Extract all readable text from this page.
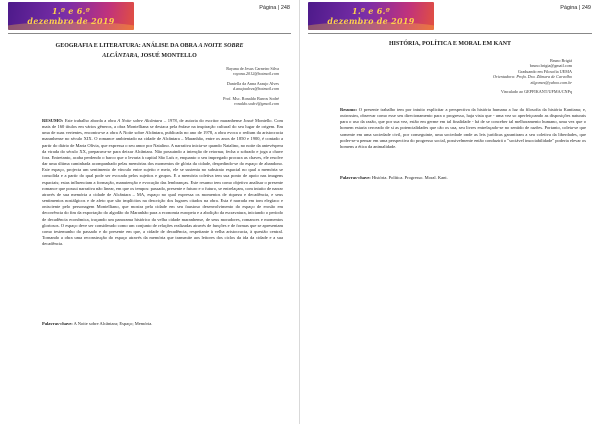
1.º e 6.º
dezembro de 2019
Página | 248
GEOGRAFIA E LITERATURA: ANÁLISE DA OBRA A NOITE SOBRE
ALCÂNTARA, JOSUÉ MONTELLO
Rayana de Jesus Carneiro Silva
rayana.2012@hotmail.com
Daniella da Anna Araujo Alves
d.anajaalves@hotmail.com
Prof. Msc. Ronaldo Barros Sodré
ronaldo.sodré@gmail.com
RESUMO: Este trabalho aborda a obra A Noite sobre Alcântara – 1978, de autoria do escritor maranhense Josué Montello. Com mais de 160 títulos em vários gêneros, a obra Montelliana se destaca pela ênfase na inspiração cultural do seu lugar de origem. Em uma de suas vertentes, encontra-se a obra A Noite sobre Alcântara, publicada no ano de 1978, a obra evoca o redium da aristocracia maranhense no século XIX. O romance ambientado na cidade de Alcântara – Maranhão, entre os anos de 1850 e 1900, é contado a partir do diário de Maria Olívia, que expressa o seu amor por Natalino. A narrativa inicia-se quando Natalino, no noite da antevéspera da virada do século XX, preparava-se para deixar Alcântara. Não possuindo a intenção de retornar, fecha o sobrado e joga a chave fora. Entretanto, acaba perdendo o barco que o levaria à capital São Luís e, enquanto o seu impregado procura as chaves, ele resolve dar uma última caminhada acompanhado pelas memórias dos momentos de glória da cidade, despedindo-se do espaço de abandono. Este espaço, projecta um sentimento de vínculo entre sujeito e meio, ele se sustenta no substrato espacial no qual a memória se consolida e a partir do qual pode ser evocada pelos sujeitos e grupos. E a memória coletiva tem sua ponto de apoio nas imagens espaciais; estas influenciam a formação, manutenção e evocação das lembranças. Este resumo tem como objetivo analisar o presente romance que possui narrativa não linear, em que os tempos: passado, presente e futuro e o futuro, se entrelaçam, com intuito de narrar através de sua memória a cidade de Alcântara – MA, espaço no qual expressa os momentos de riqueza e decadência, e seus sentimentos nostálgicos e de afeto que são implícitos na descrição dos lugares citados na obra. Esta é narrada em tom elegíaco e onisciente pelo personagem Montelliano, que mostra pela cidade em seu faustoso desenvolvimento do espaço de erosão em decorrência do fim da exportação do algodão do Maranhão para a economia europeia e a abolição da escravatura, iniciando o período de decadência econômica, traçando um panorama histórico da velha cidade maranhense, de seus moradores, romances e momentos gloriosos. O espaço deve ser considerado como um conjunto de relações realizadas através de funções e de formas que se apresentam como testemunho do passado e do presente em que, a cidade de decadência, respeitante à velha aristocracia, à questão central. Tornando a obra uma reconstrução do espaço através da memória que transmite aos leitores dos ciclos da ida da cidade e a sua decadência.
Palavras-chave: A Noite sobre Alcântara; Espaço; Memória.
1.º e 6.º
dezembro de 2019
Página | 249
HISTÓRIA, POLÍTICA E MORAL EM KANT
Bruno Brigiá
bruno.brigia@gmail.com
Graduando em Filosofia UEMA
Orientadora: Profa. Dra. Zilmara de Carvalho
zilgomes@yahoo.com.br
Vinculado ao GEPFIKANT/UFMA/CNPq
Resumo: O presente trabalho tem por intuito explicitar a perspectiva da história humana a luz da filosofia da história Kantiana; e, outrossim, observar como esse seu direcionamento para o progresso, haja vista que - uma vez so aperfeiçoando as disposições naturais para o uso da razão, que por sua vez, estão em germe em tal finalidade - há de se conceber tal melhoramento humano, uma vez que o homem estaria cerceado de si as potencialidades que cão os usa, seu livres entrelaçado-se no sentido de razões. Portanto, coleta-se que somente em uma sociedade civil, por conseguinte, uma sociedade onde as leis jurídicas garantiram a seu coletiva da liberdades, que poder-se-a pensar em uma perspectiva do progresso social, possivelmente então conduzirá o "sociável insociabilidade" poderia elevar os homens a ética da animalidade.
Palavras-chave: História. Política. Progresso. Moral. Kant.
